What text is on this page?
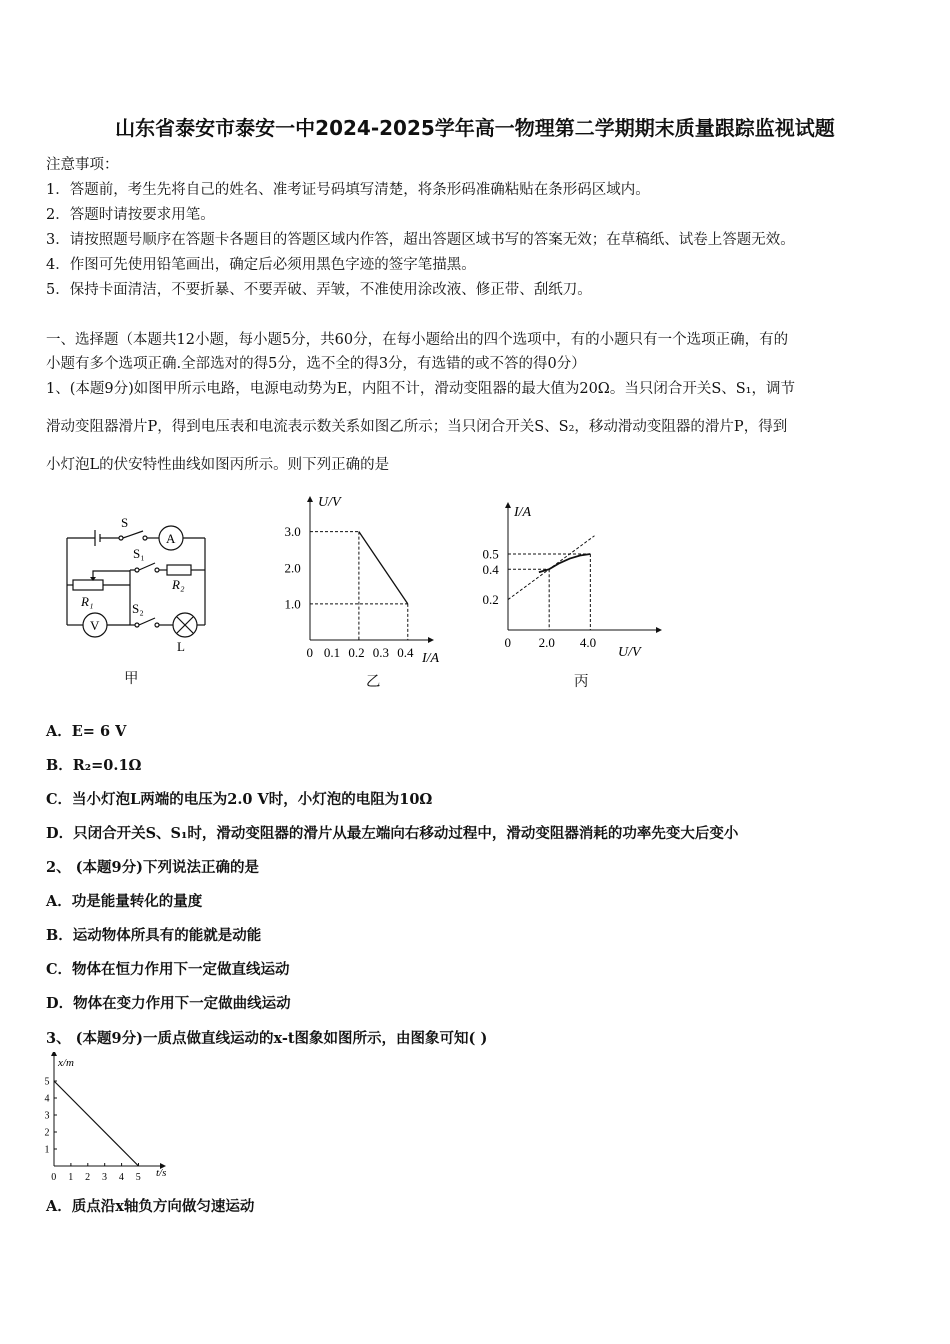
山东省泰安市泰安一中2024-2025学年高一物理第二学期期末质量跟踪监视试题
注意事项：
1．答题前，考生先将自己的姓名、准考证号码填写清楚，将条形码准确粘贴在条形码区域内。
2．答题时请按要求用笔。
3．请按照题号顺序在答题卡各题目的答题区域内作答，超出答题区域书写的答案无效；在草稿纸、试卷上答题无效。
4．作图可先使用铅笔画出，确定后必须用黑色字迹的签字笔描黑。
5．保持卡面清洁，不要折暴、不要弄破、弄皱，不准使用涂改液、修正带、刮纸刀。
一、选择题（本题共12小题，每小题5分，共60分，在每小题给出的四个选项中，有的小题只有一个选项正确，有的
小题有多个选项正确.全部选对的得5分，选不全的得3分，有选错的或不答的得0分）
1、(本题9分)如图甲所示电路，电源电动势为E，内阻不计，滑动变阻器的最大值为20Ω。当只闭合开关S、S₁，调节
滑动变阻器滑片P，得到电压表和电流表示数关系如图乙所示；当只闭合开关S、S₂，移动滑动变阻器的滑片P，得到
小灯泡L的伏安特性曲线如图丙所示。则下列正确的是
S
A
S₁
R₂
R₁
V
S₂
L
甲
0 0.1 0.2 0.3 0.4
1.0
2.0
3.0
I/A
U/V
乙
0 2.0 4.0
0.2
0.4
0.5
U/V
I/A
丙
A．E= 6 V
B．R₂=0.1Ω
C．当小灯泡L两端的电压为2.0 V时，小灯泡的电阻为10Ω
D．只闭合开关S、S₁时，滑动变阻器的滑片从最左端向右移动过程中，滑动变阻器消耗的功率先变大后变小
2、 (本题9分)下列说法正确的是
A．功是能量转化的量度
B．运动物体所具有的能就是动能
C．物体在恒力作用下一定做直线运动
D．物体在变力作用下一定做曲线运动
3、 (本题9分)一质点做直线运动的x-t图象如图所示，由图象可知( )
0 1 2 3 4 5
1
2
3
4
5
t/s
x/m
A．质点沿x轴负方向做匀速运动
